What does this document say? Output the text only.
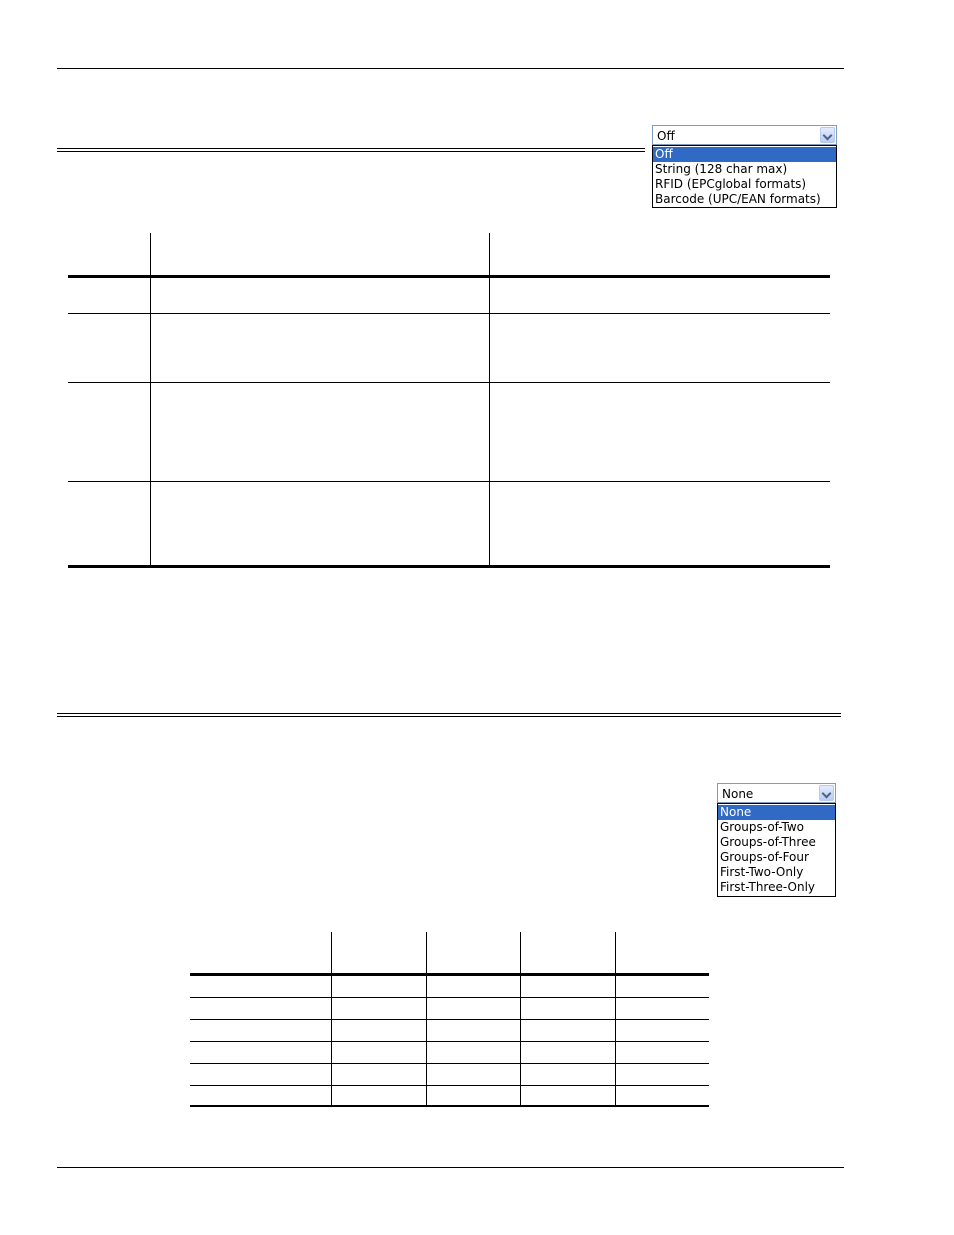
Off
Off
String (128 char max)
RFID (EPCglobal formats)
Barcode (UPC/EAN formats)
None
None
Groups-of-Two
Groups-of-Three
Groups-of-Four
First-Two-Only
First-Three-Only
